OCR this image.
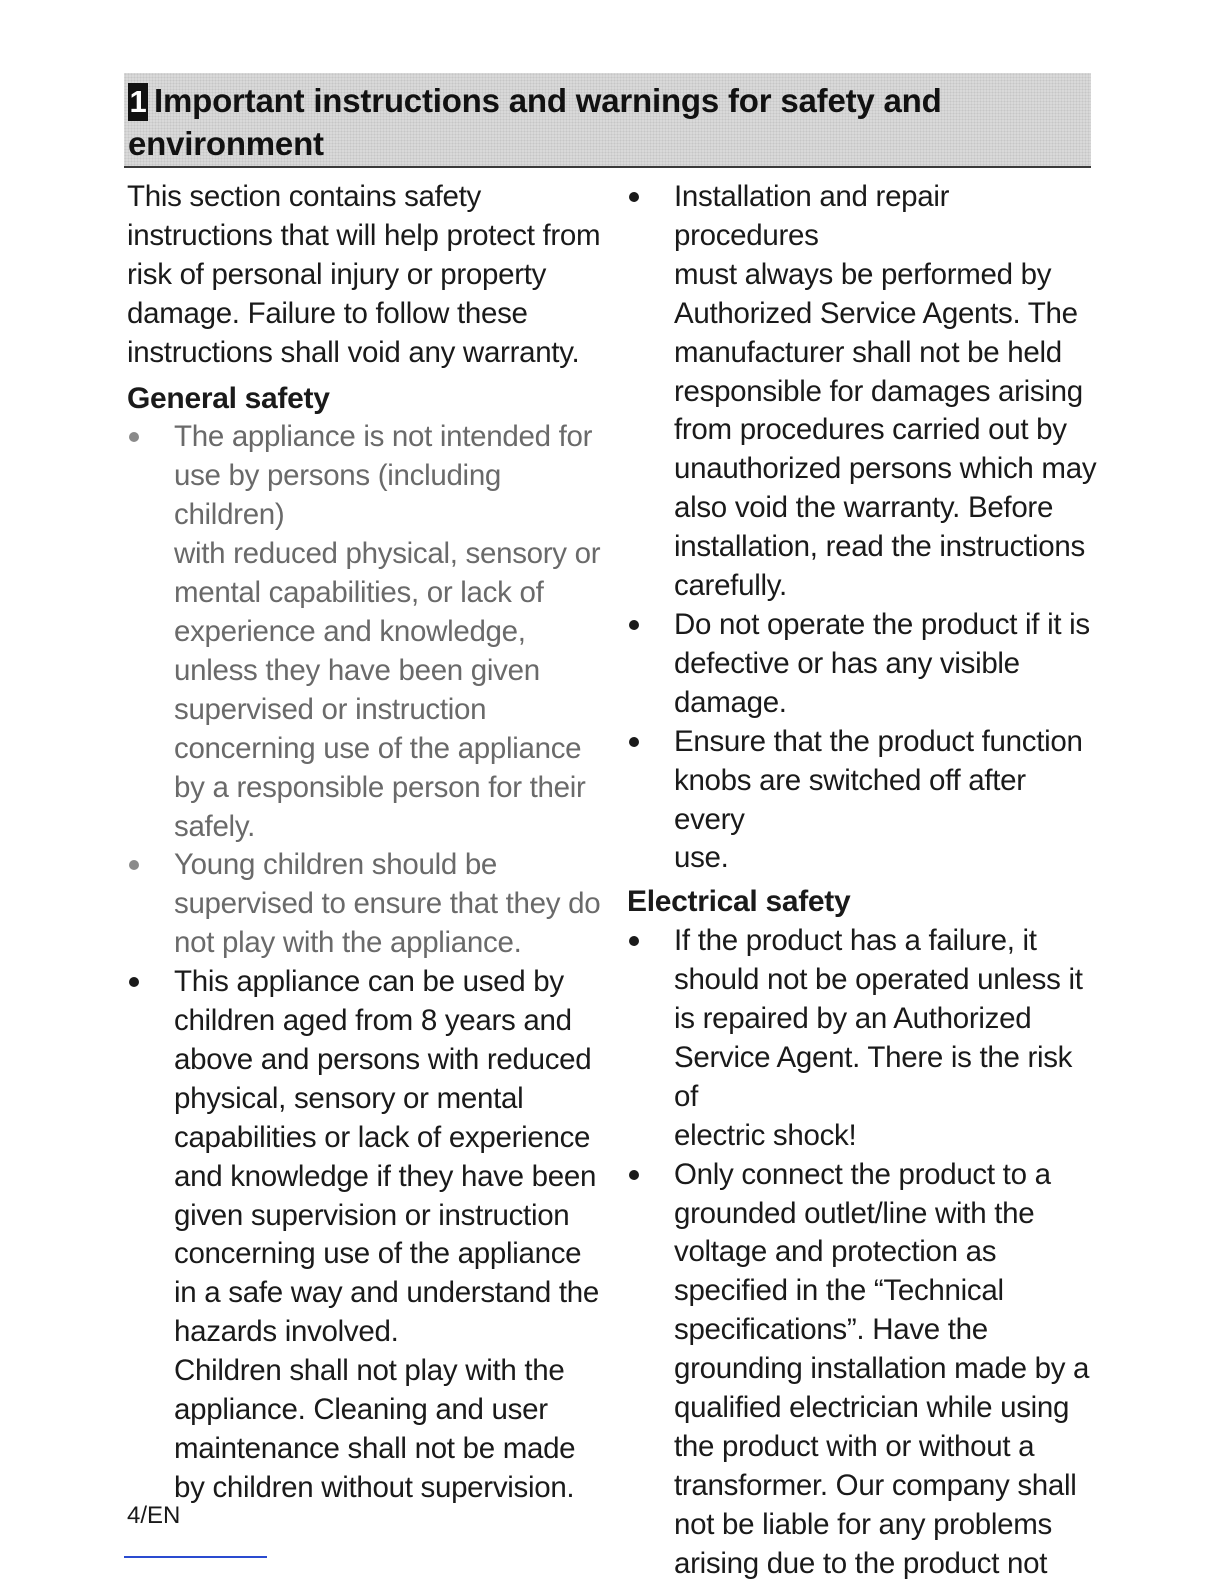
1 Important instructions and warnings for safety and
environment

This section contains safety
instructions that will help protect from
risk of personal injury or property
damage. Failure to follow these
instructions shall void any warranty.

General safety
The appliance is not intended for
use by persons (including children)
with reduced physical, sensory or
mental capabilities, or lack of
experience and knowledge,
unless they have been given
supervised or instruction
concerning use of the appliance
by a responsible person for their
safely.
Young children should be
supervised to ensure that they do
not play with the appliance.
This appliance can be used by
children aged from 8 years and
above and persons with reduced
physical, sensory or mental
capabilities or lack of experience
and knowledge if they have been
given supervision or instruction
concerning use of the appliance
in a safe way and understand the
hazards involved.
Children shall not play with the
appliance. Cleaning and user
maintenance shall not be made
by children without supervision.
Installation and repair procedures
must always be performed by
Authorized Service Agents. The
manufacturer shall not be held
responsible for damages arising
from procedures carried out by
unauthorized persons which may
also void the warranty. Before
installation, read the instructions
carefully.
Do not operate the product if it is
defective or has any visible
damage.
Ensure that the product function
knobs are switched off after every
use.
Electrical safety
If the product has a failure, it
should not be operated unless it
is repaired by an Authorized
Service Agent. There is the risk of
electric shock!
Only connect the product to a
grounded outlet/line with the
voltage and protection as
specified in the “Technical
specifications”. Have the
grounding installation made by a
qualified electrician while using
the product with or without a
transformer. Our company shall
not be liable for any problems
arising due to the product not
4/EN
